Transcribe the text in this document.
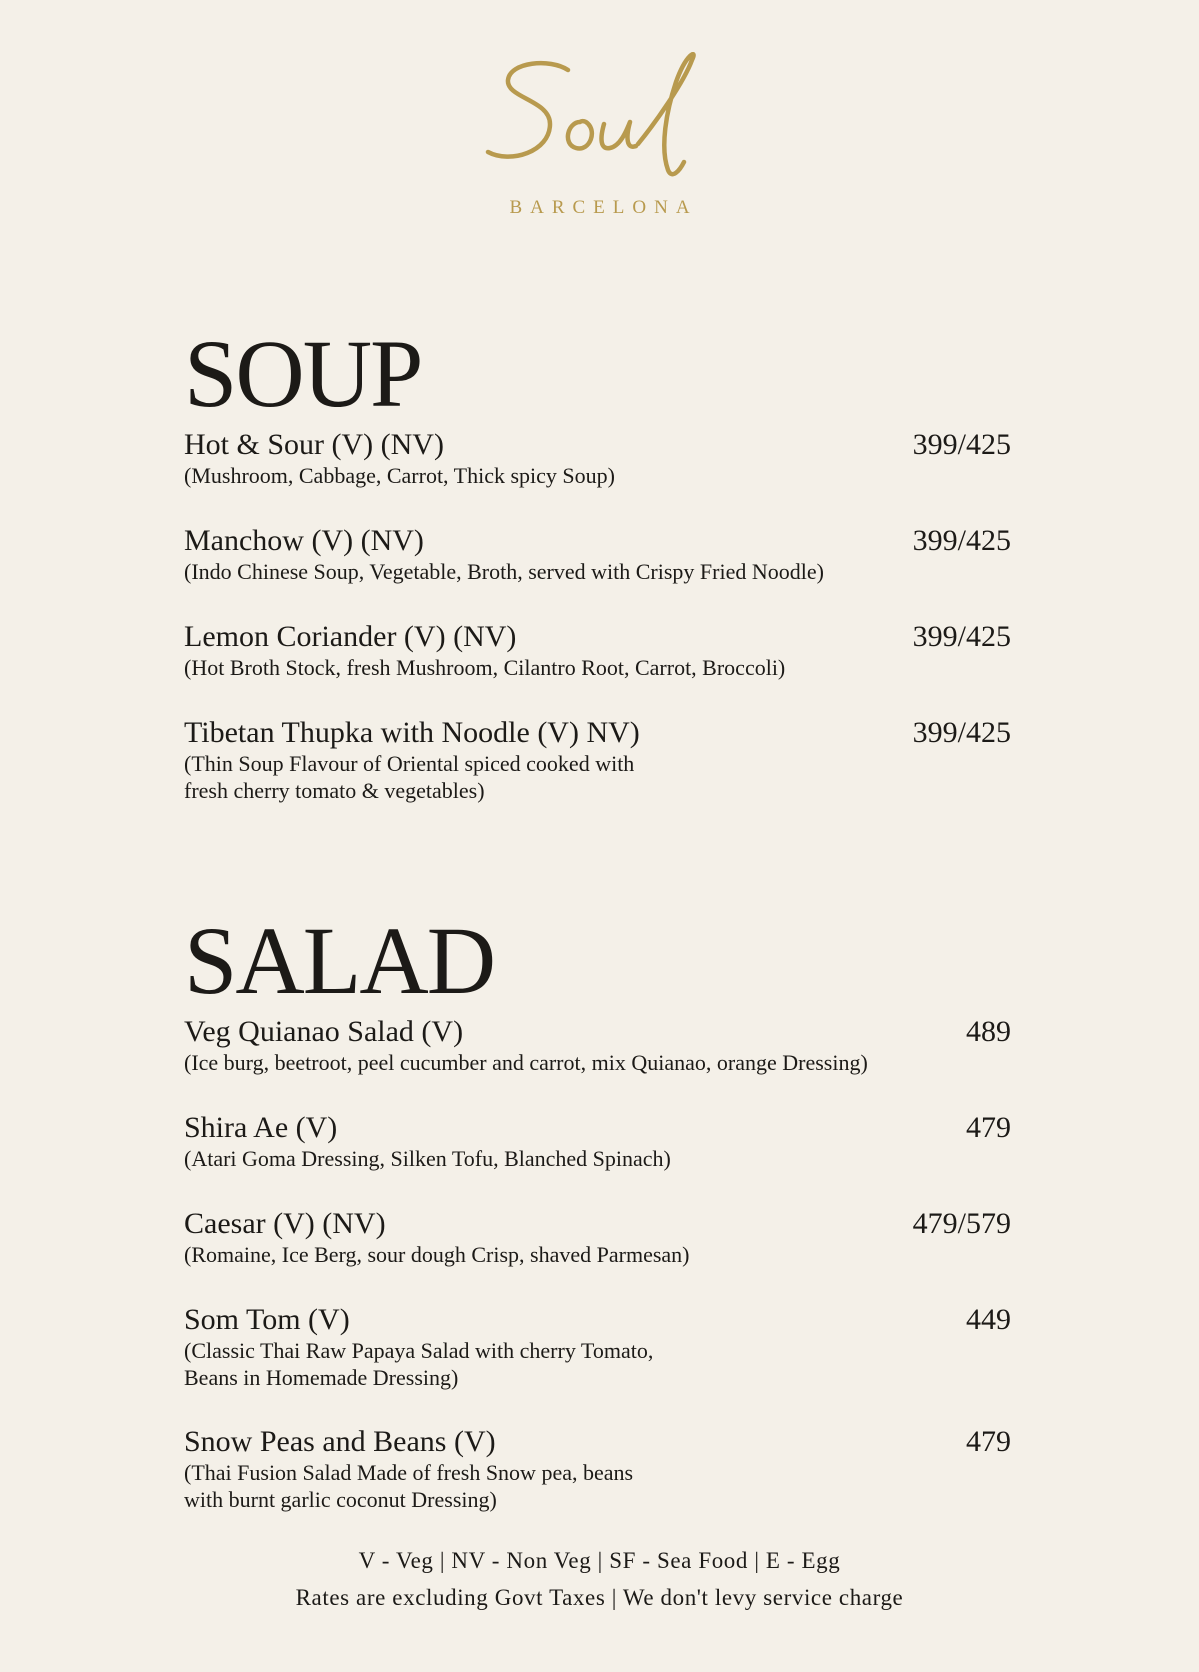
BARCELONA
SOUP
Hot & Sour (V) (NV)	399/425
(Mushroom, Cabbage, Carrot, Thick spicy Soup)
Manchow (V) (NV)	399/425
(Indo Chinese Soup, Vegetable, Broth, served with Crispy Fried Noodle)
Lemon Coriander (V) (NV)	399/425
(Hot Broth Stock, fresh Mushroom, Cilantro Root, Carrot, Broccoli)
Tibetan Thupka with Noodle (V) NV)	399/425
(Thin Soup Flavour of Oriental spiced cooked with
fresh cherry tomato & vegetables)
SALAD
Veg Quianao Salad (V)	489
(Ice burg, beetroot, peel cucumber and carrot, mix Quianao, orange Dressing)
Shira Ae (V)	479
(Atari Goma Dressing, Silken Tofu, Blanched Spinach)
Caesar (V) (NV)	479/579
(Romaine, Ice Berg, sour dough Crisp, shaved Parmesan)
Som Tom (V)	449
(Classic Thai Raw Papaya Salad with cherry Tomato,
Beans in Homemade Dressing)
Snow Peas and Beans (V)	479
(Thai Fusion Salad Made of fresh Snow pea, beans
with burnt garlic coconut Dressing)
V - Veg | NV - Non Veg | SF - Sea Food | E - Egg
Rates are excluding Govt Taxes | We don't levy service charge
